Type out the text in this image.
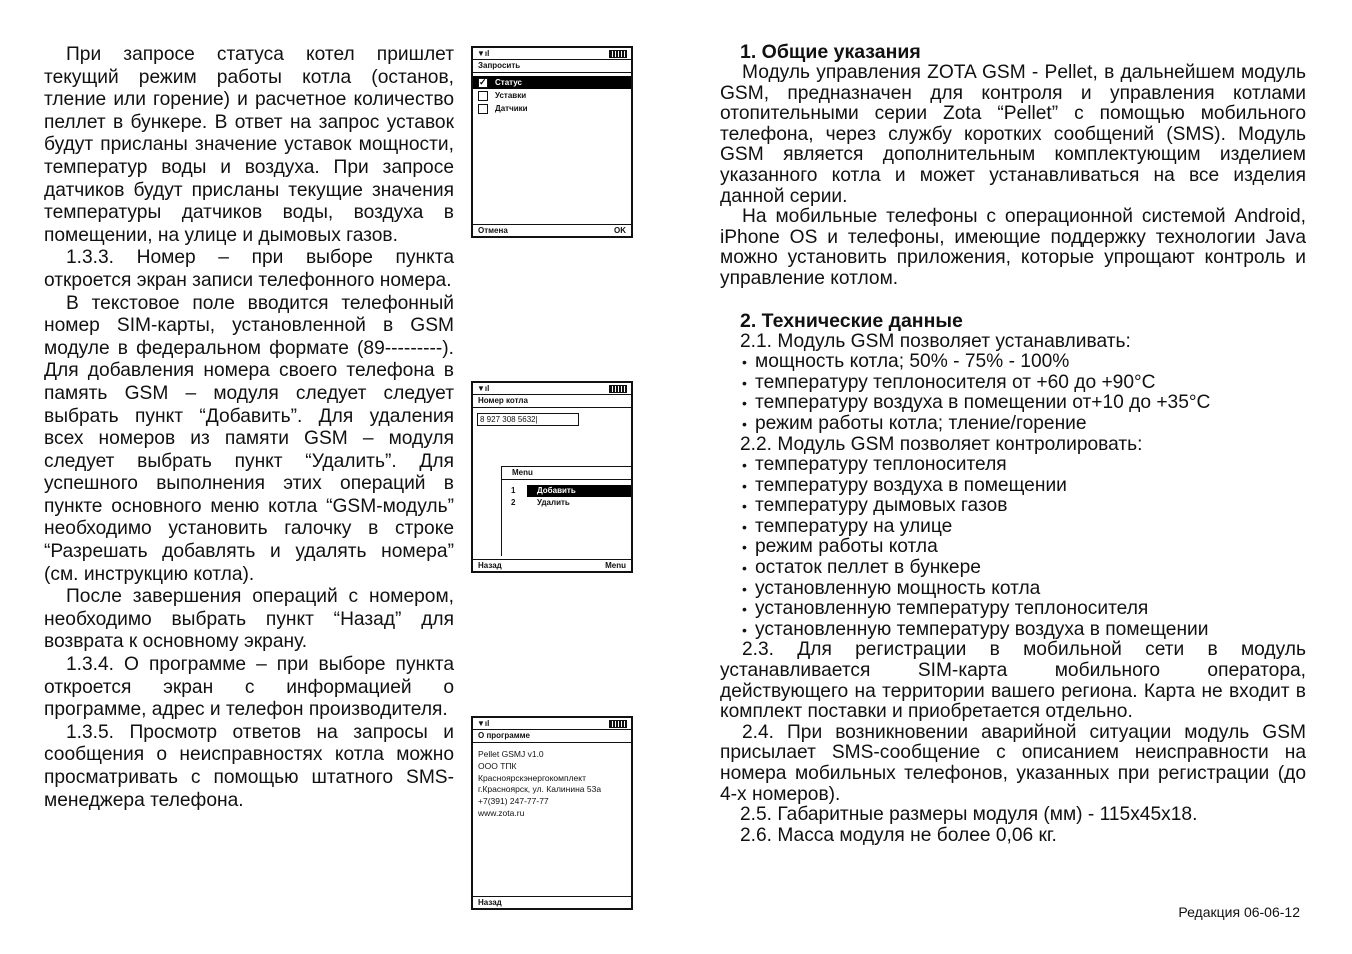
При запросе статуса котел пришлет текущий режим работы котла (останов, тление или горение) и расчетное количество пеллет в бункере. В ответ на запрос уставок будут присланы значение уставок мощности, температур воды и воздуха. При запросе датчиков будут присланы текущие значения температуры датчиков воды, воздуха в помещении, на улице и дымовых газов.

1.3.3. Номер – при выборе пункта откроется экран записи телефонного номера.

В текстовое поле вводится телефонный номер SIM-карты, установленной в GSM модуле в федеральном формате (89---------). Для добавления номера своего телефона в память GSM – модуля следует следует выбрать пункт “Добавить”. Для удаления всех номеров из памяти GSM – модуля следует выбрать пункт “Удалить”. Для успешного выполнения этих операций в пункте основного меню котла “GSM-модуль” необходимо установить галочку в строке “Разрешать добавлять и удалять номера” (см. инструкцию котла).

После завершения операций с номером, необходимо выбрать пункт “Назад” для возврата к основному экрану.

1.3.4. О программе – при выборе пункта откроется экран с информацией о программе, адрес и телефон производителя.

1.3.5. Просмотр ответов на запросы и сообщения о неисправностях котла можно просматривать с помощью штатного SMS-менеджера телефона.

▼ıl
Запросить
✓
Статус
Уставки
Датчики
Отмена	OK
▼ıl
Номер котла
8 927 308 5632|
Menu
1	Добавить
2	Удалить
Назад	Menu
▼ıl
О программе
Pellet GSMJ v1.0
ООО ТПК
Красноярскэнергокомплект
г.Красноярск, ул. Калинина 53а
+7(391) 247-77-77
www.zota.ru
Назад
1. Общие указания

Модуль управления ZOTA GSM - Pellet, в дальнейшем модуль GSM, предназначен для контроля и управления котлами отопительными серии Zota “Pellet” с помощью мобильного телефона, через службу коротких сообщений (SMS). Модуль GSM является дополнительным комплектующим изделием указанного котла и может устанавливаться на все изделия данной серии.

На мобильные телефоны с операционной системой Android, iPhone OS и телефоны, имеющие поддержку технологии Java можно установить приложения, которые упрощают контроль и управление котлом.

2. Технические данные
2.1. Модуль GSM позволяет устанавливать:
• мощность котла; 50% - 75% - 100%
• температуру теплоносителя от +60 до +90°С
• температуру воздуха в помещении от+10 до +35°С
• режим работы котла; тление/горение
2.2. Модуль GSM позволяет контролировать:
• температуру теплоносителя
• температуру воздуха в помещении
• температуру дымовых газов
• температуру на улице
• режим работы котла
• остаток пеллет в бункере
• установленную мощность котла
• установленную температуру теплоносителя
• установленную температуру воздуха в помещении

2.3. Для регистрации в мобильной сети в модуль устанавливается SIM-карта мобильного оператора, действующего на территории вашего региона. Карта не входит в комплект поставки и приобретается отдельно.

2.4. При возникновении аварийной ситуации модуль GSM присылает SMS-сообщение с описанием неисправности на номера мобильных телефонов, указанных при регистрации (до 4-х номеров).

2.5. Габаритные размеры модуля (мм) - 115x45x18.
2.6. Масса модуля не более 0,06 кг.
Редакция 06-06-12
